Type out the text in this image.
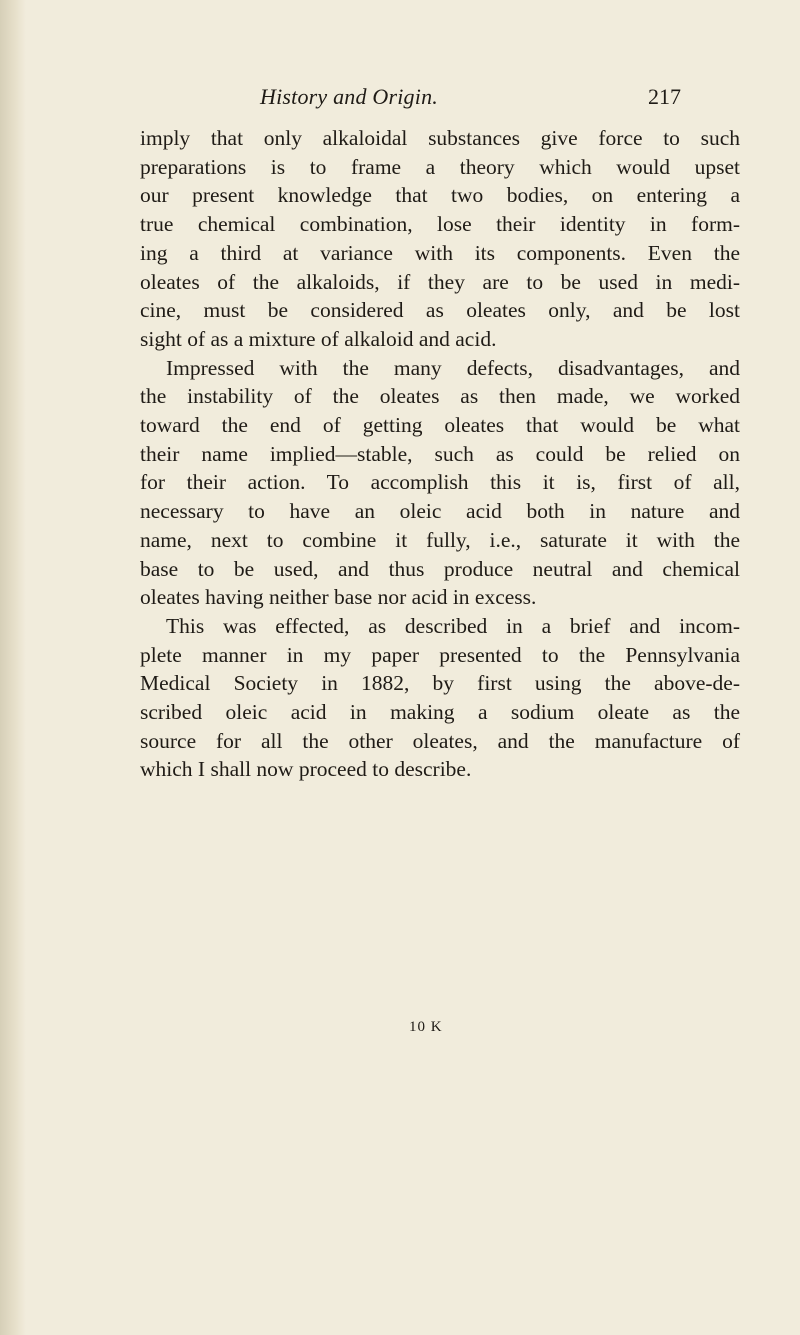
History and Origin.	217
imply that only alkaloidal substances give force to such
preparations is to frame a theory which would upset
our present knowledge that two bodies, on entering a
true chemical combination, lose their identity in form-
ing a third at variance with its components. Even the
oleates of the alkaloids, if they are to be used in medi-
cine, must be considered as oleates only, and be lost
sight of as a mixture of alkaloid and acid.
Impressed with the many defects, disadvantages, and
the instability of the oleates as then made, we worked
toward the end of getting oleates that would be what
their name implied—stable, such as could be relied on
for their action. To accomplish this it is, first of all,
necessary to have an oleic acid both in nature and
name, next to combine it fully, i.e., saturate it with the
base to be used, and thus produce neutral and chemical
oleates having neither base nor acid in excess.
This was effected, as described in a brief and incom-
plete manner in my paper presented to the Pennsylvania
Medical Society in 1882, by first using the above-de-
scribed oleic acid in making a sodium oleate as the
source for all the other oleates, and the manufacture of
which I shall now proceed to describe.
10 K
